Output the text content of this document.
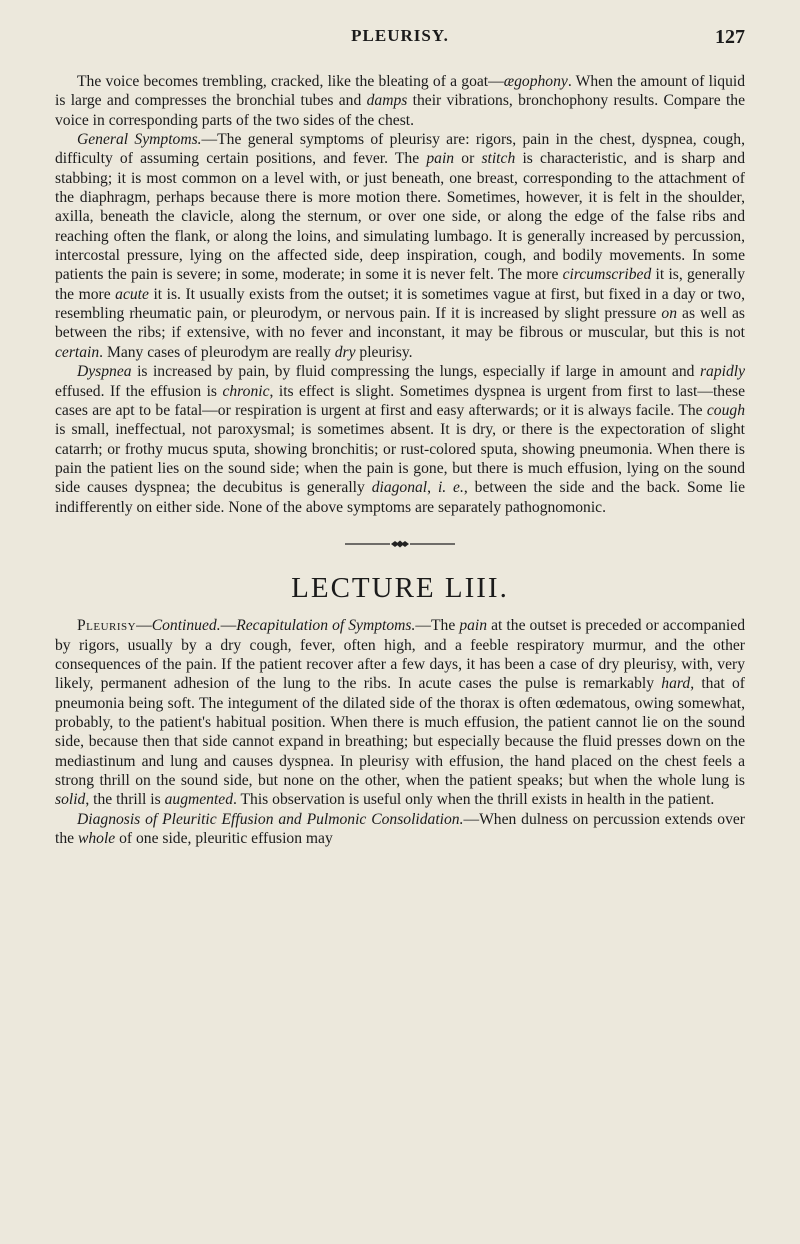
PLEURISY.	127

The voice becomes trembling, cracked, like the bleating of a goat—ægophony. When the amount of liquid is large and compresses the bronchial tubes and damps their vibrations, bronchophony results. Compare the voice in corresponding parts of the two sides of the chest.

General Symptoms.—The general symptoms of pleurisy are: rigors, pain in the chest, dyspnea, cough, difficulty of assuming certain positions, and fever. The pain or stitch is characteristic, and is sharp and stabbing; it is most common on a level with, or just beneath, one breast, corresponding to the attachment of the diaphragm, perhaps because there is more motion there. Sometimes, however, it is felt in the shoulder, axilla, beneath the clavicle, along the sternum, or over one side, or along the edge of the false ribs and reaching often the flank, or along the loins, and simulating lumbago. It is generally increased by percussion, intercostal pressure, lying on the affected side, deep inspiration, cough, and bodily movements. In some patients the pain is severe; in some, moderate; in some it is never felt. The more circumscribed it is, generally the more acute it is. It usually exists from the outset; it is sometimes vague at first, but fixed in a day or two, resembling rheumatic pain, or pleurodym, or nervous pain. If it is increased by slight pressure on as well as between the ribs; if extensive, with no fever and inconstant, it may be fibrous or muscular, but this is not certain. Many cases of pleurodym are really dry pleurisy.

Dyspnea is increased by pain, by fluid compressing the lungs, especially if large in amount and rapidly effused. If the effusion is chronic, its effect is slight. Sometimes dyspnea is urgent from first to last—these cases are apt to be fatal—or respiration is urgent at first and easy afterwards; or it is always facile. The cough is small, ineffectual, not paroxysmal; is sometimes absent. It is dry, or there is the expectoration of slight catarrh; or frothy mucus sputa, showing bronchitis; or rust-colored sputa, showing pneumonia. When there is pain the patient lies on the sound side; when the pain is gone, but there is much effusion, lying on the sound side causes dyspnea; the decubitus is generally diagonal, i. e., between the side and the back. Some lie indifferently on either side. None of the above symptoms are separately pathognomonic.

LECTURE LIII.

Pleurisy—Continued.—Recapitulation of Symptoms.—The pain at the outset is preceded or accompanied by rigors, usually by a dry cough, fever, often high, and a feeble respiratory murmur, and the other consequences of the pain. If the patient recover after a few days, it has been a case of dry pleurisy, with, very likely, permanent adhesion of the lung to the ribs. In acute cases the pulse is remarkably hard, that of pneumonia being soft. The integument of the dilated side of the thorax is often œdematous, owing somewhat, probably, to the patient's habitual position. When there is much effusion, the patient cannot lie on the sound side, because then that side cannot expand in breathing; but especially because the fluid presses down on the mediastinum and lung and causes dyspnea. In pleurisy with effusion, the hand placed on the chest feels a strong thrill on the sound side, but none on the other, when the patient speaks; but when the whole lung is solid, the thrill is augmented. This observation is useful only when the thrill exists in health in the patient.

Diagnosis of Pleuritic Effusion and Pulmonic Consolidation.—When dulness on percussion extends over the whole of one side, pleuritic effusion may
